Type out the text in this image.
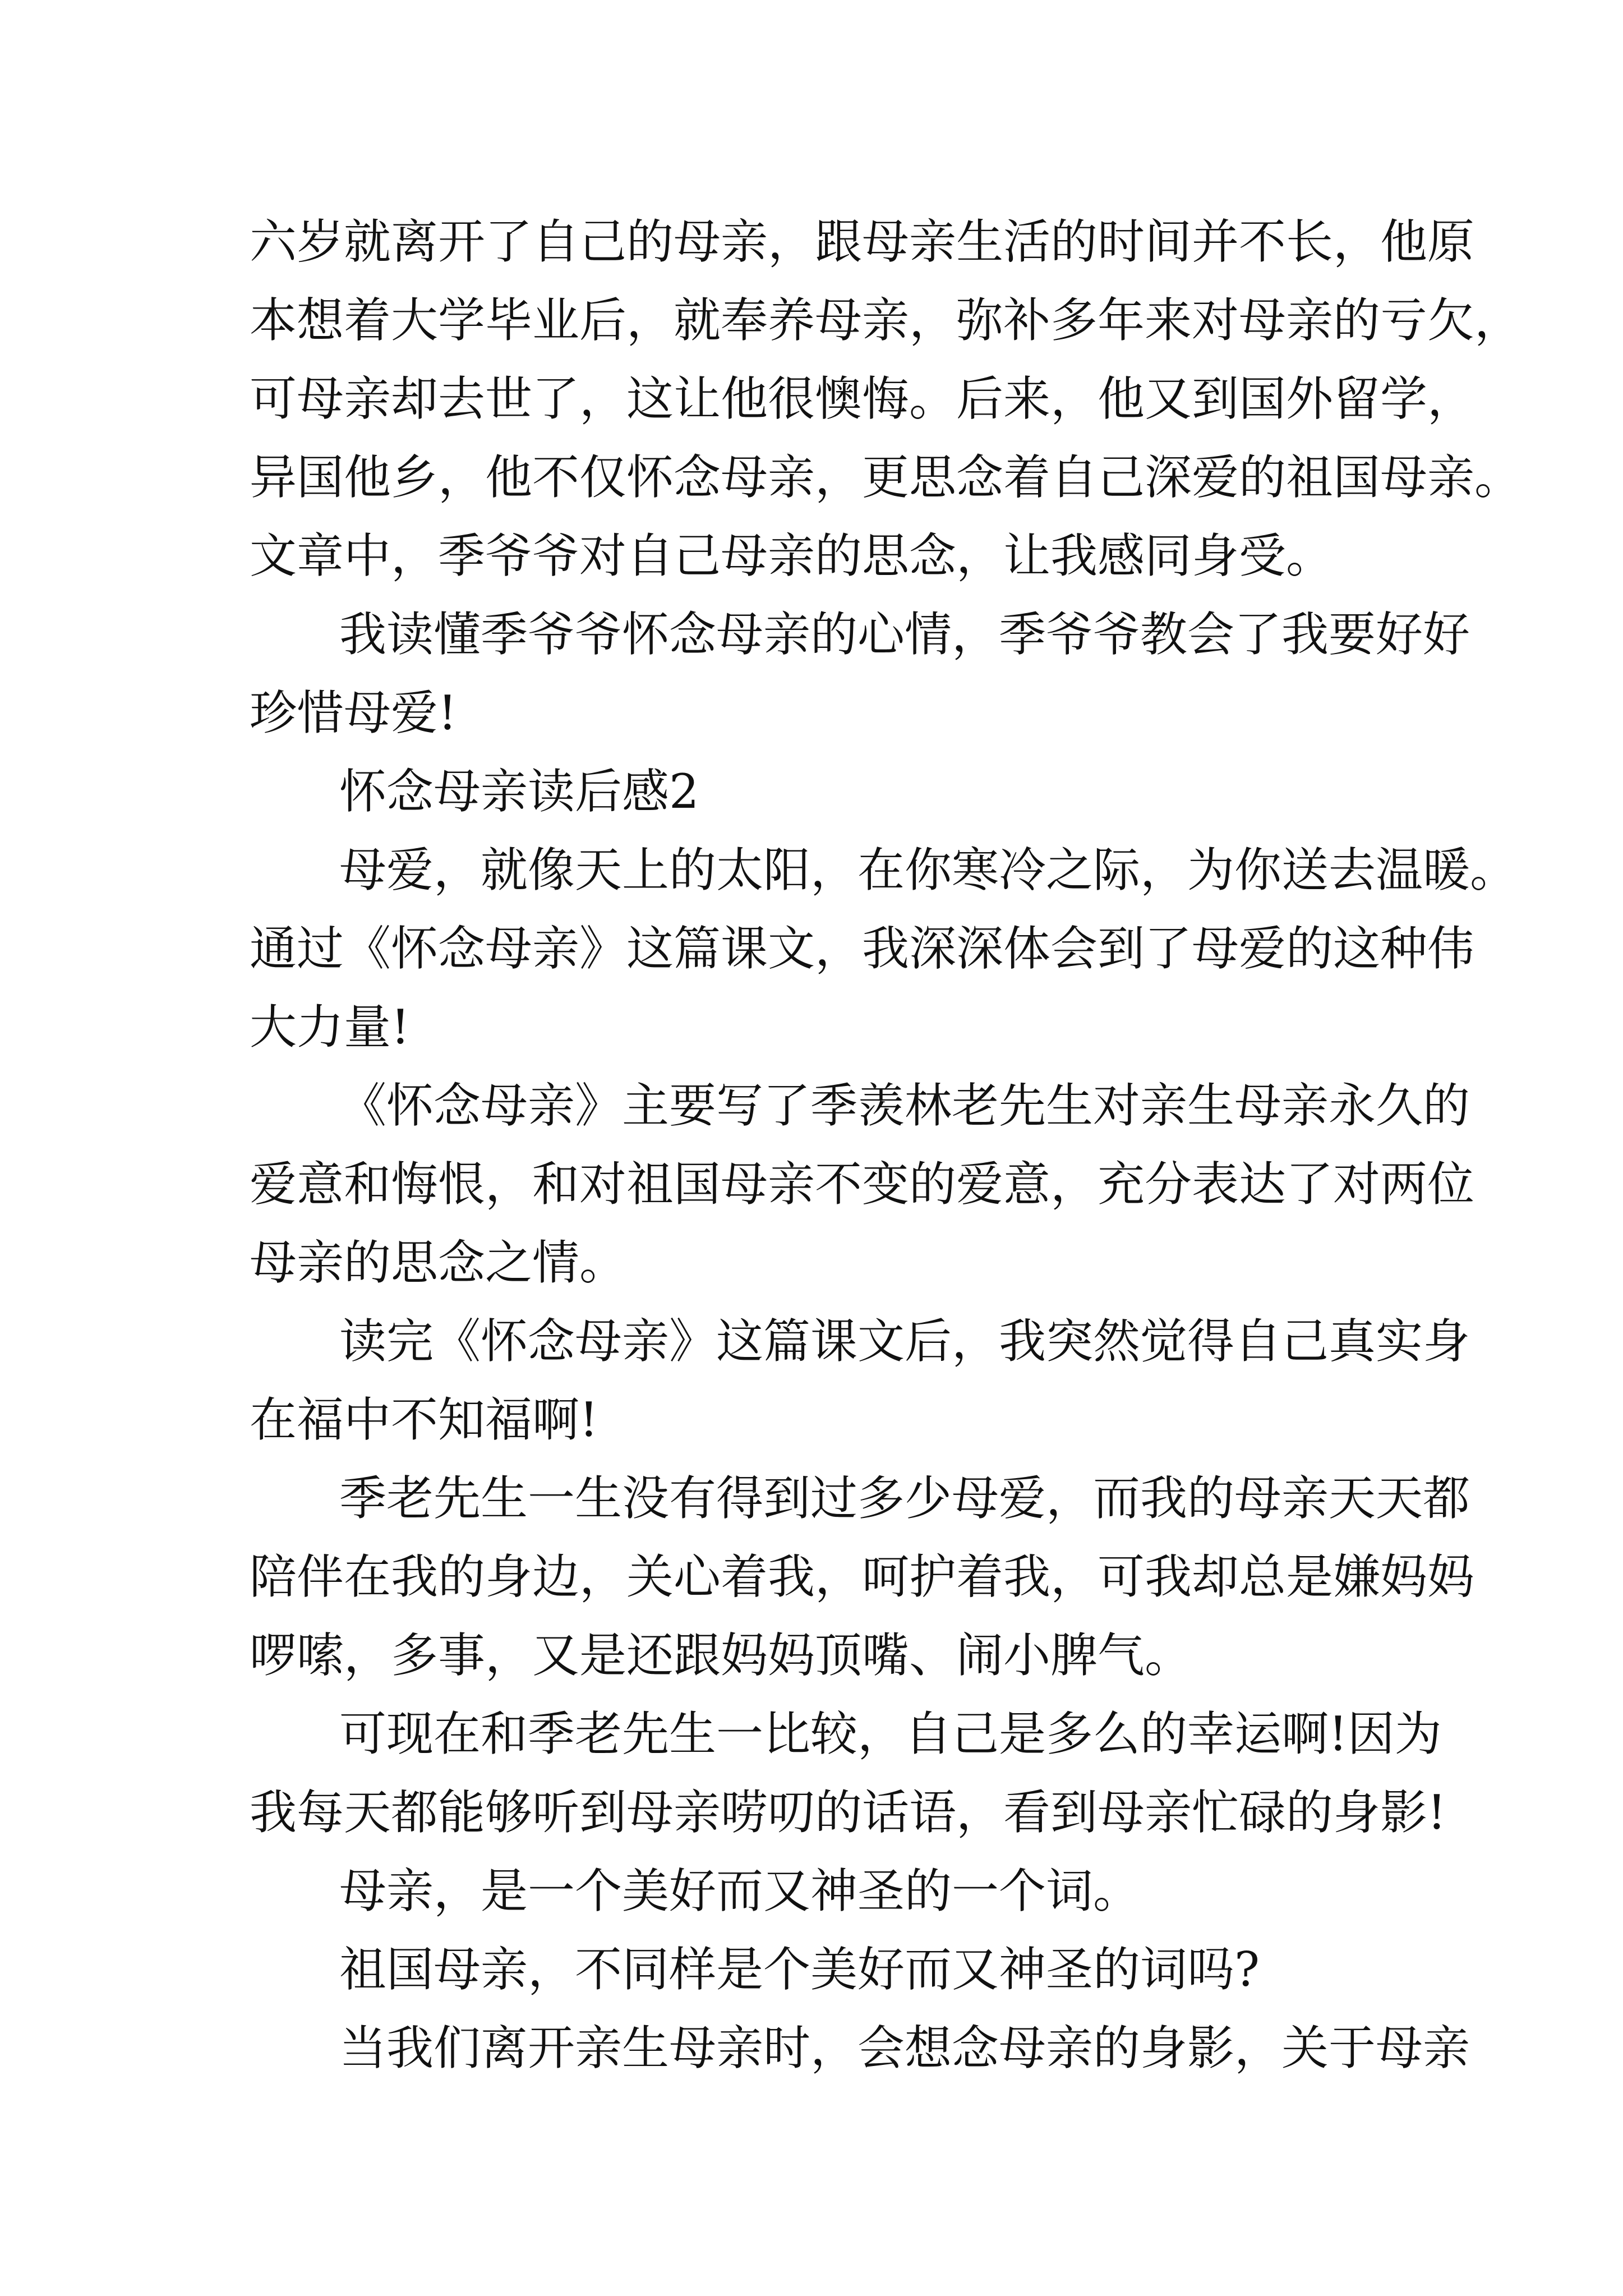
六岁就离开了自己的母亲，跟母亲生活的时间并不长，他原
本想着大学毕业后，就奉养母亲，弥补多年来对母亲的亏欠，
可母亲却去世了，这让他很懊悔。后来，他又到国外留学，
异国他乡，他不仅怀念母亲，更思念着自己深爱的祖国母亲。
文章中，季爷爷对自己母亲的思念，让我感同身受。
我读懂季爷爷怀念母亲的心情，季爷爷教会了我要好好
珍惜母爱!
怀念母亲读后感2
母爱，就像天上的太阳，在你寒冷之际，为你送去温暖。
通过《怀念母亲》这篇课文，我深深体会到了母爱的这种伟
大力量!
《怀念母亲》主要写了季羡林老先生对亲生母亲永久的
爱意和悔恨，和对祖国母亲不变的爱意，充分表达了对两位
母亲的思念之情。
读完《怀念母亲》这篇课文后，我突然觉得自己真实身
在福中不知福啊!
季老先生一生没有得到过多少母爱，而我的母亲天天都
陪伴在我的身边，关心着我，呵护着我，可我却总是嫌妈妈
啰嗦，多事，又是还跟妈妈顶嘴、闹小脾气。
可现在和季老先生一比较，自己是多么的幸运啊!因为
我每天都能够听到母亲唠叨的话语，看到母亲忙碌的身影!
母亲，是一个美好而又神圣的一个词。
祖国母亲，不同样是个美好而又神圣的词吗?
当我们离开亲生母亲时，会想念母亲的身影，关于母亲
